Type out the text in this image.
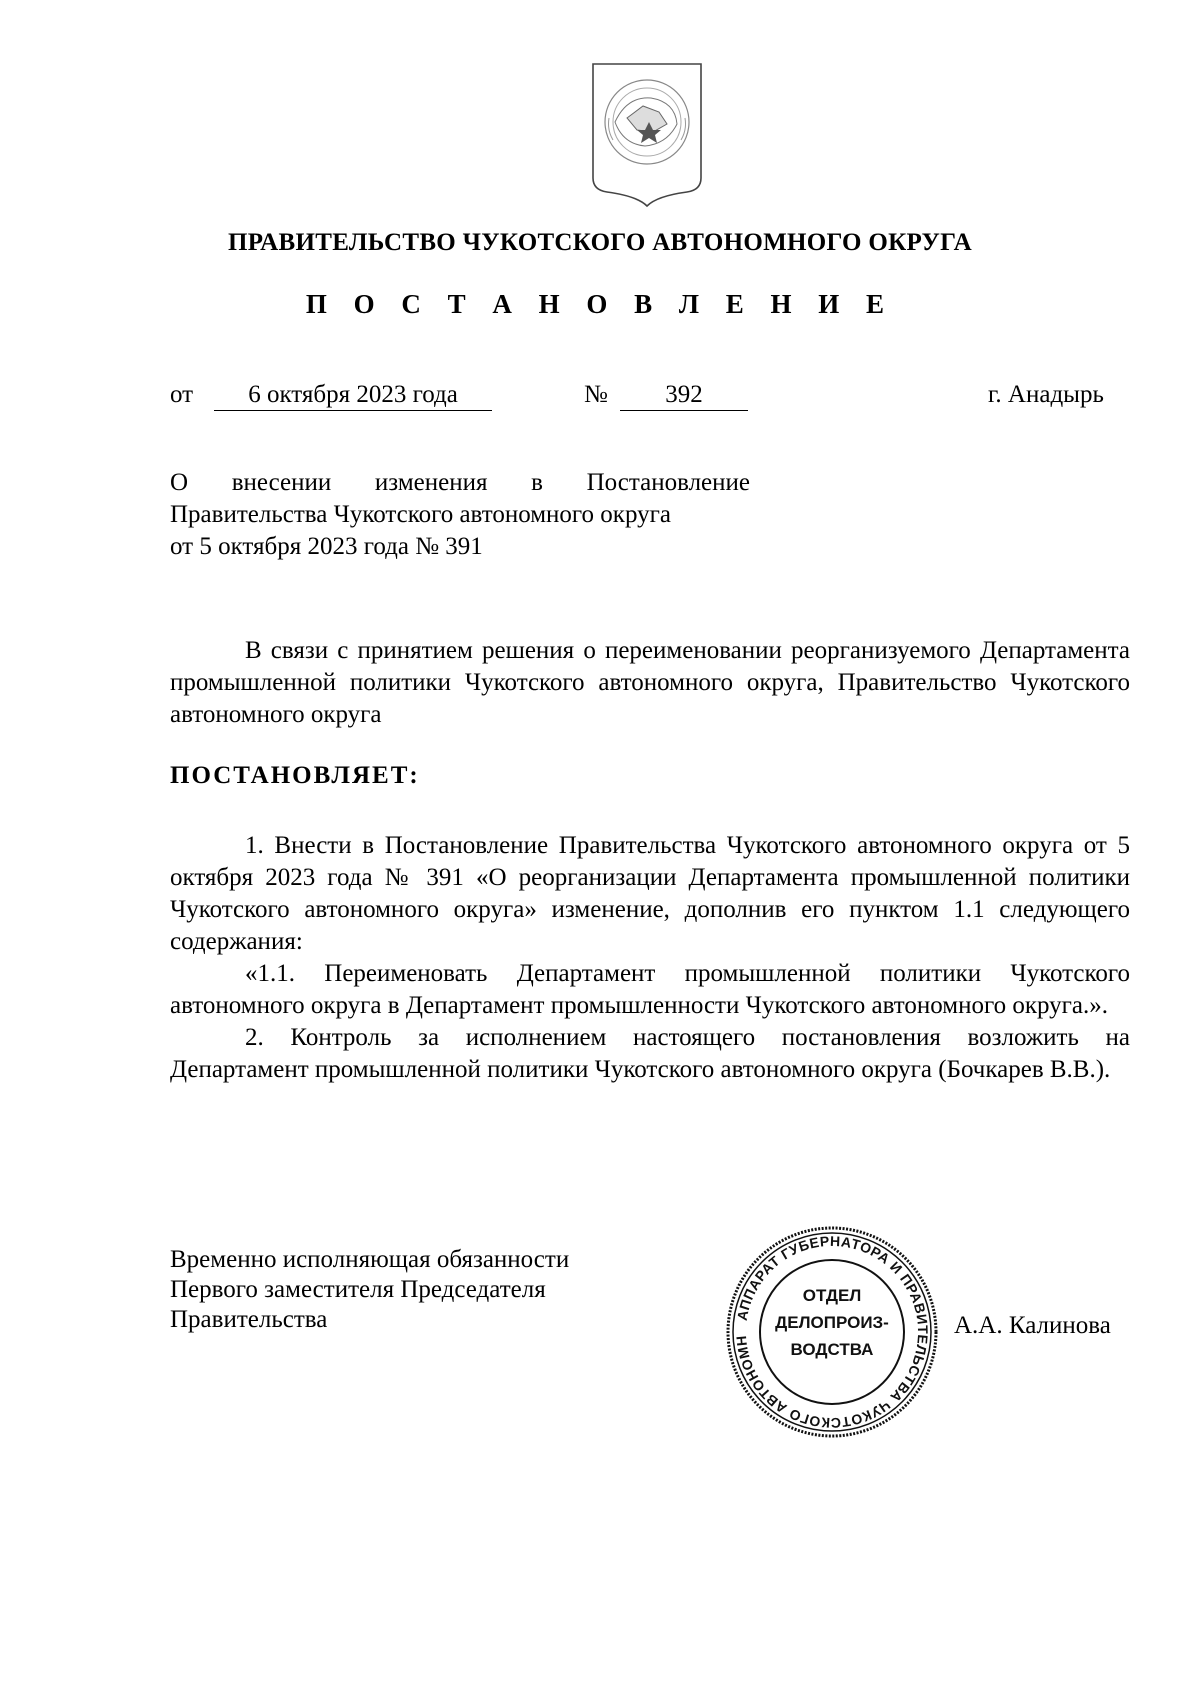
ПРАВИТЕЛЬСТВО ЧУКОТСКОГО АВТОНОМНОГО ОКРУГА
П О С Т А Н О В Л Е Н И Е
от	6 октября 2023 года	№	392	г. Анадырь
О внесении изменения в Постановление
Правительства Чукотского автономного округа
от 5 октября 2023 года № 391

В связи с принятием решения о переименовании реорганизуемого Департамента промышленной политики Чукотского автономного округа, Правительство Чукотского автономного округа

ПОСТАНОВЛЯЕТ:

1. Внести в Постановление Правительства Чукотского автономного округа от 5 октября 2023 года № 391 «О реорганизации Департамента промышленной политики Чукотского автономного округа» изменение, дополнив его пунктом 1.1 следующего содержания:

«1.1. Переименовать Департамент промышленной политики Чукотского автономного округа в Департамент промышленности Чукотского автономного округа.».

2. Контроль за исполнением настоящего постановления возложить на Департамент промышленной политики Чукотского автономного округа (Бочкарев В.В.).

Временно исполняющая обязанности
Первого заместителя Председателя
Правительства	АППАРАТ ГУБЕРНАТОРА И ПРАВИТЕЛЬСТВА ЧУКОТСКОГО АВТОНОМН
ОТДЕЛ
ДЕЛОПРОИЗ-
ВОДСТВА
А.А. Калинова
